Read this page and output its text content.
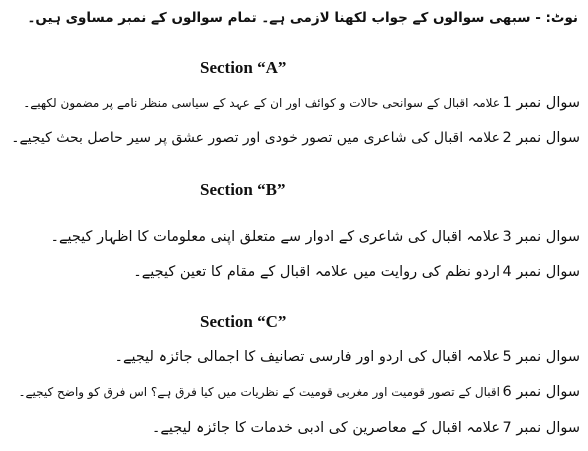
نوٹ: - سبھی سوالوں کے جواب لکھنا لازمی ہے۔ تمام سوالوں کے نمبر مساوی ہیں۔
Section “A”
سوال نمبر 1
علامہ اقبال کے سوانحی حالات و کوائف اور ان کے عہد کے سیاسی منظر نامے پر مضمون لکھیے۔
سوال نمبر 2
علامہ اقبال کی شاعری میں تصور خودی اور تصور عشق پر سیر حاصل بحث کیجیے۔
Section “B”
سوال نمبر 3
علامہ اقبال کی شاعری کے ادوار سے متعلق اپنی معلومات کا اظہار کیجیے۔
سوال نمبر 4
اردو نظم کی روایت میں علامہ اقبال کے مقام کا تعین کیجیے۔
Section “C”
سوال نمبر 5
علامہ اقبال کی اردو اور فارسی تصانیف کا اجمالی جائزہ لیجیے۔
سوال نمبر 6
اقبال کے تصور قومیت اور مغربی قومیت کے نظریات میں کیا فرق ہے؟ اس فرق کو واضح کیجیے۔
سوال نمبر 7
علامہ اقبال کے معاصرین کی ادبی خدمات کا جائزہ لیجیے۔
